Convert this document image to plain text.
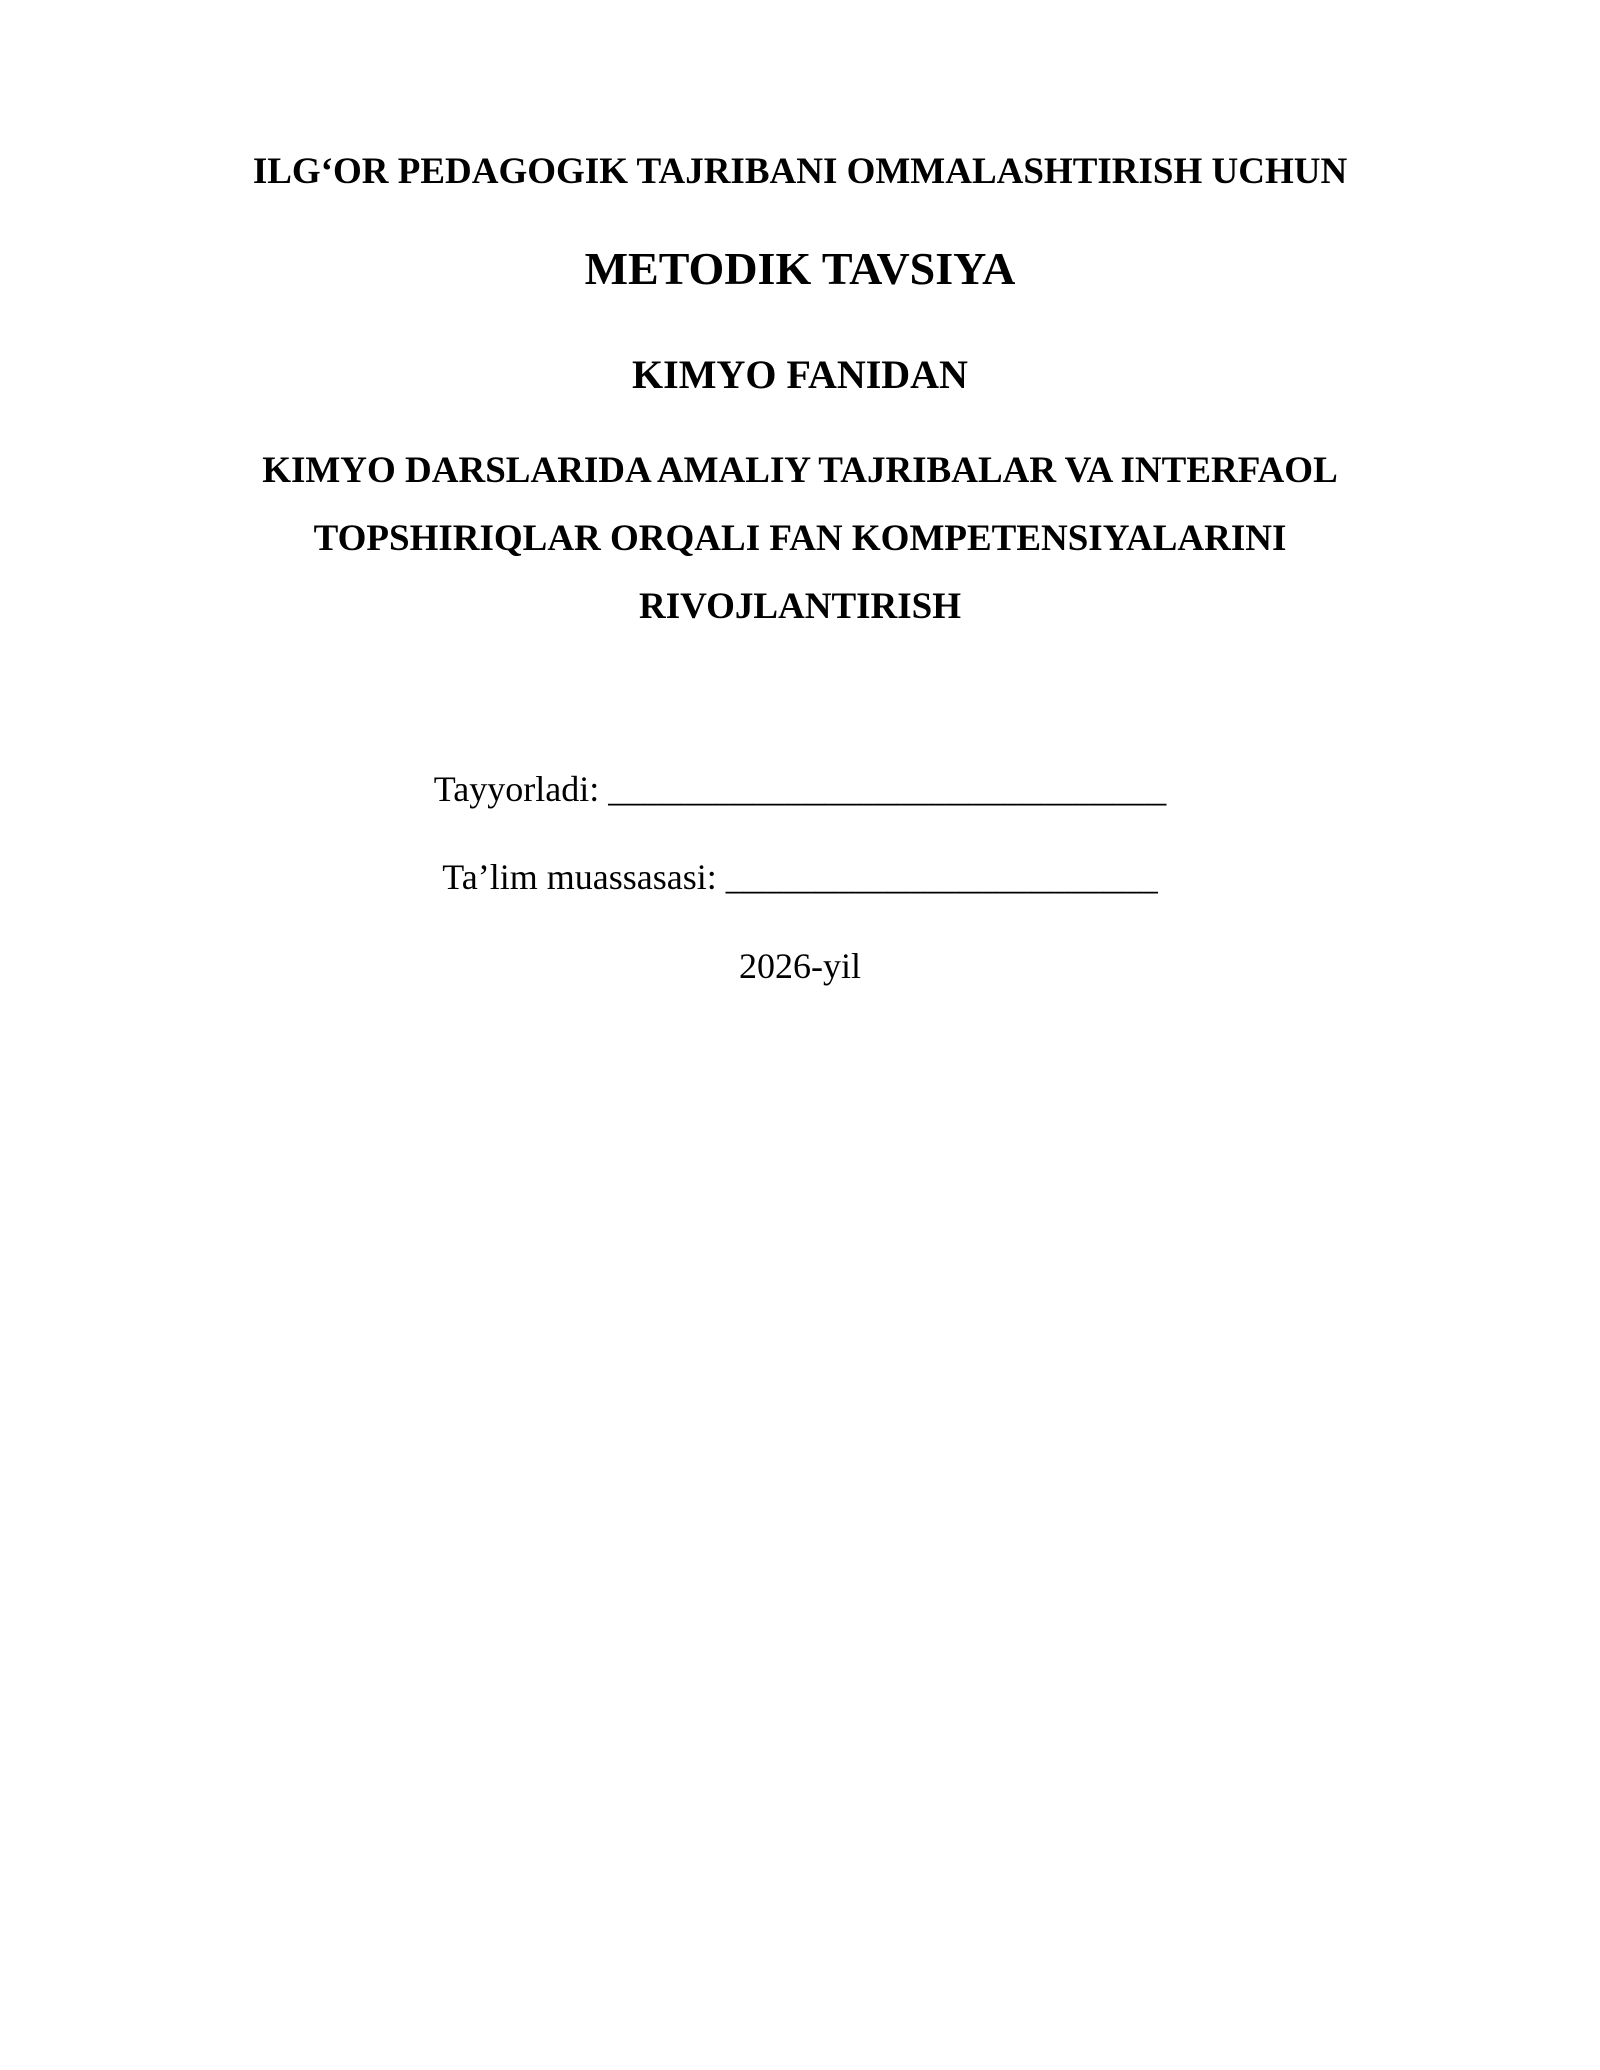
ILG‘OR PEDAGOGIK TAJRIBANI OMMALASHTIRISH UCHUN
METODIK TAVSIYA
KIMYO FANIDAN
KIMYO DARSLARIDA AMALIY TAJRIBALAR VA INTERFAOL
TOPSHIRIQLAR ORQALI FAN KOMPETENSIYALARINI
RIVOJLANTIRISH
Tayyorladi: _______________________________
Ta’lim muassasasi: ________________________
2026-yil
